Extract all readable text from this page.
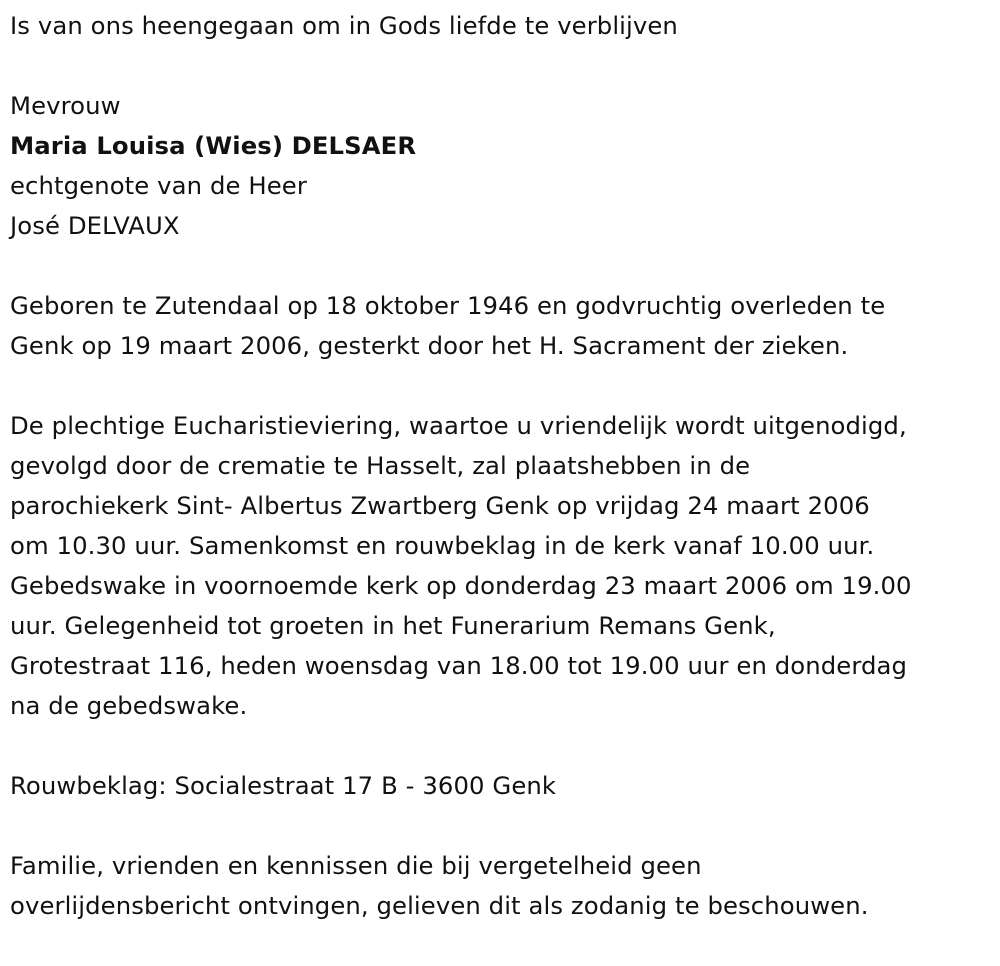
Is van ons heengegaan om in Gods liefde te verblijven
Mevrouw
Maria Louisa (Wies) DELSAER
echtgenote van de Heer
José DELVAUX
Geboren te Zutendaal op 18 oktober 1946 en godvruchtig overleden te
Genk op 19 maart 2006, gesterkt door het H. Sacrament der zieken.
De plechtige Eucharistieviering, waartoe u vriendelijk wordt uitgenodigd,
gevolgd door de crematie te Hasselt, zal plaatshebben in de
parochiekerk Sint- Albertus Zwartberg Genk op vrijdag 24 maart 2006
om 10.30 uur. Samenkomst en rouwbeklag in de kerk vanaf 10.00 uur.
Gebedswake in voornoemde kerk op donderdag 23 maart 2006 om 19.00
uur. Gelegenheid tot groeten in het Funerarium Remans Genk,
Grotestraat 116, heden woensdag van 18.00 tot 19.00 uur en donderdag
na de gebedswake.
Rouwbeklag: Socialestraat 17 B - 3600 Genk
Familie, vrienden en kennissen die bij vergetelheid geen
overlijdensbericht ontvingen, gelieven dit als zodanig te beschouwen.
